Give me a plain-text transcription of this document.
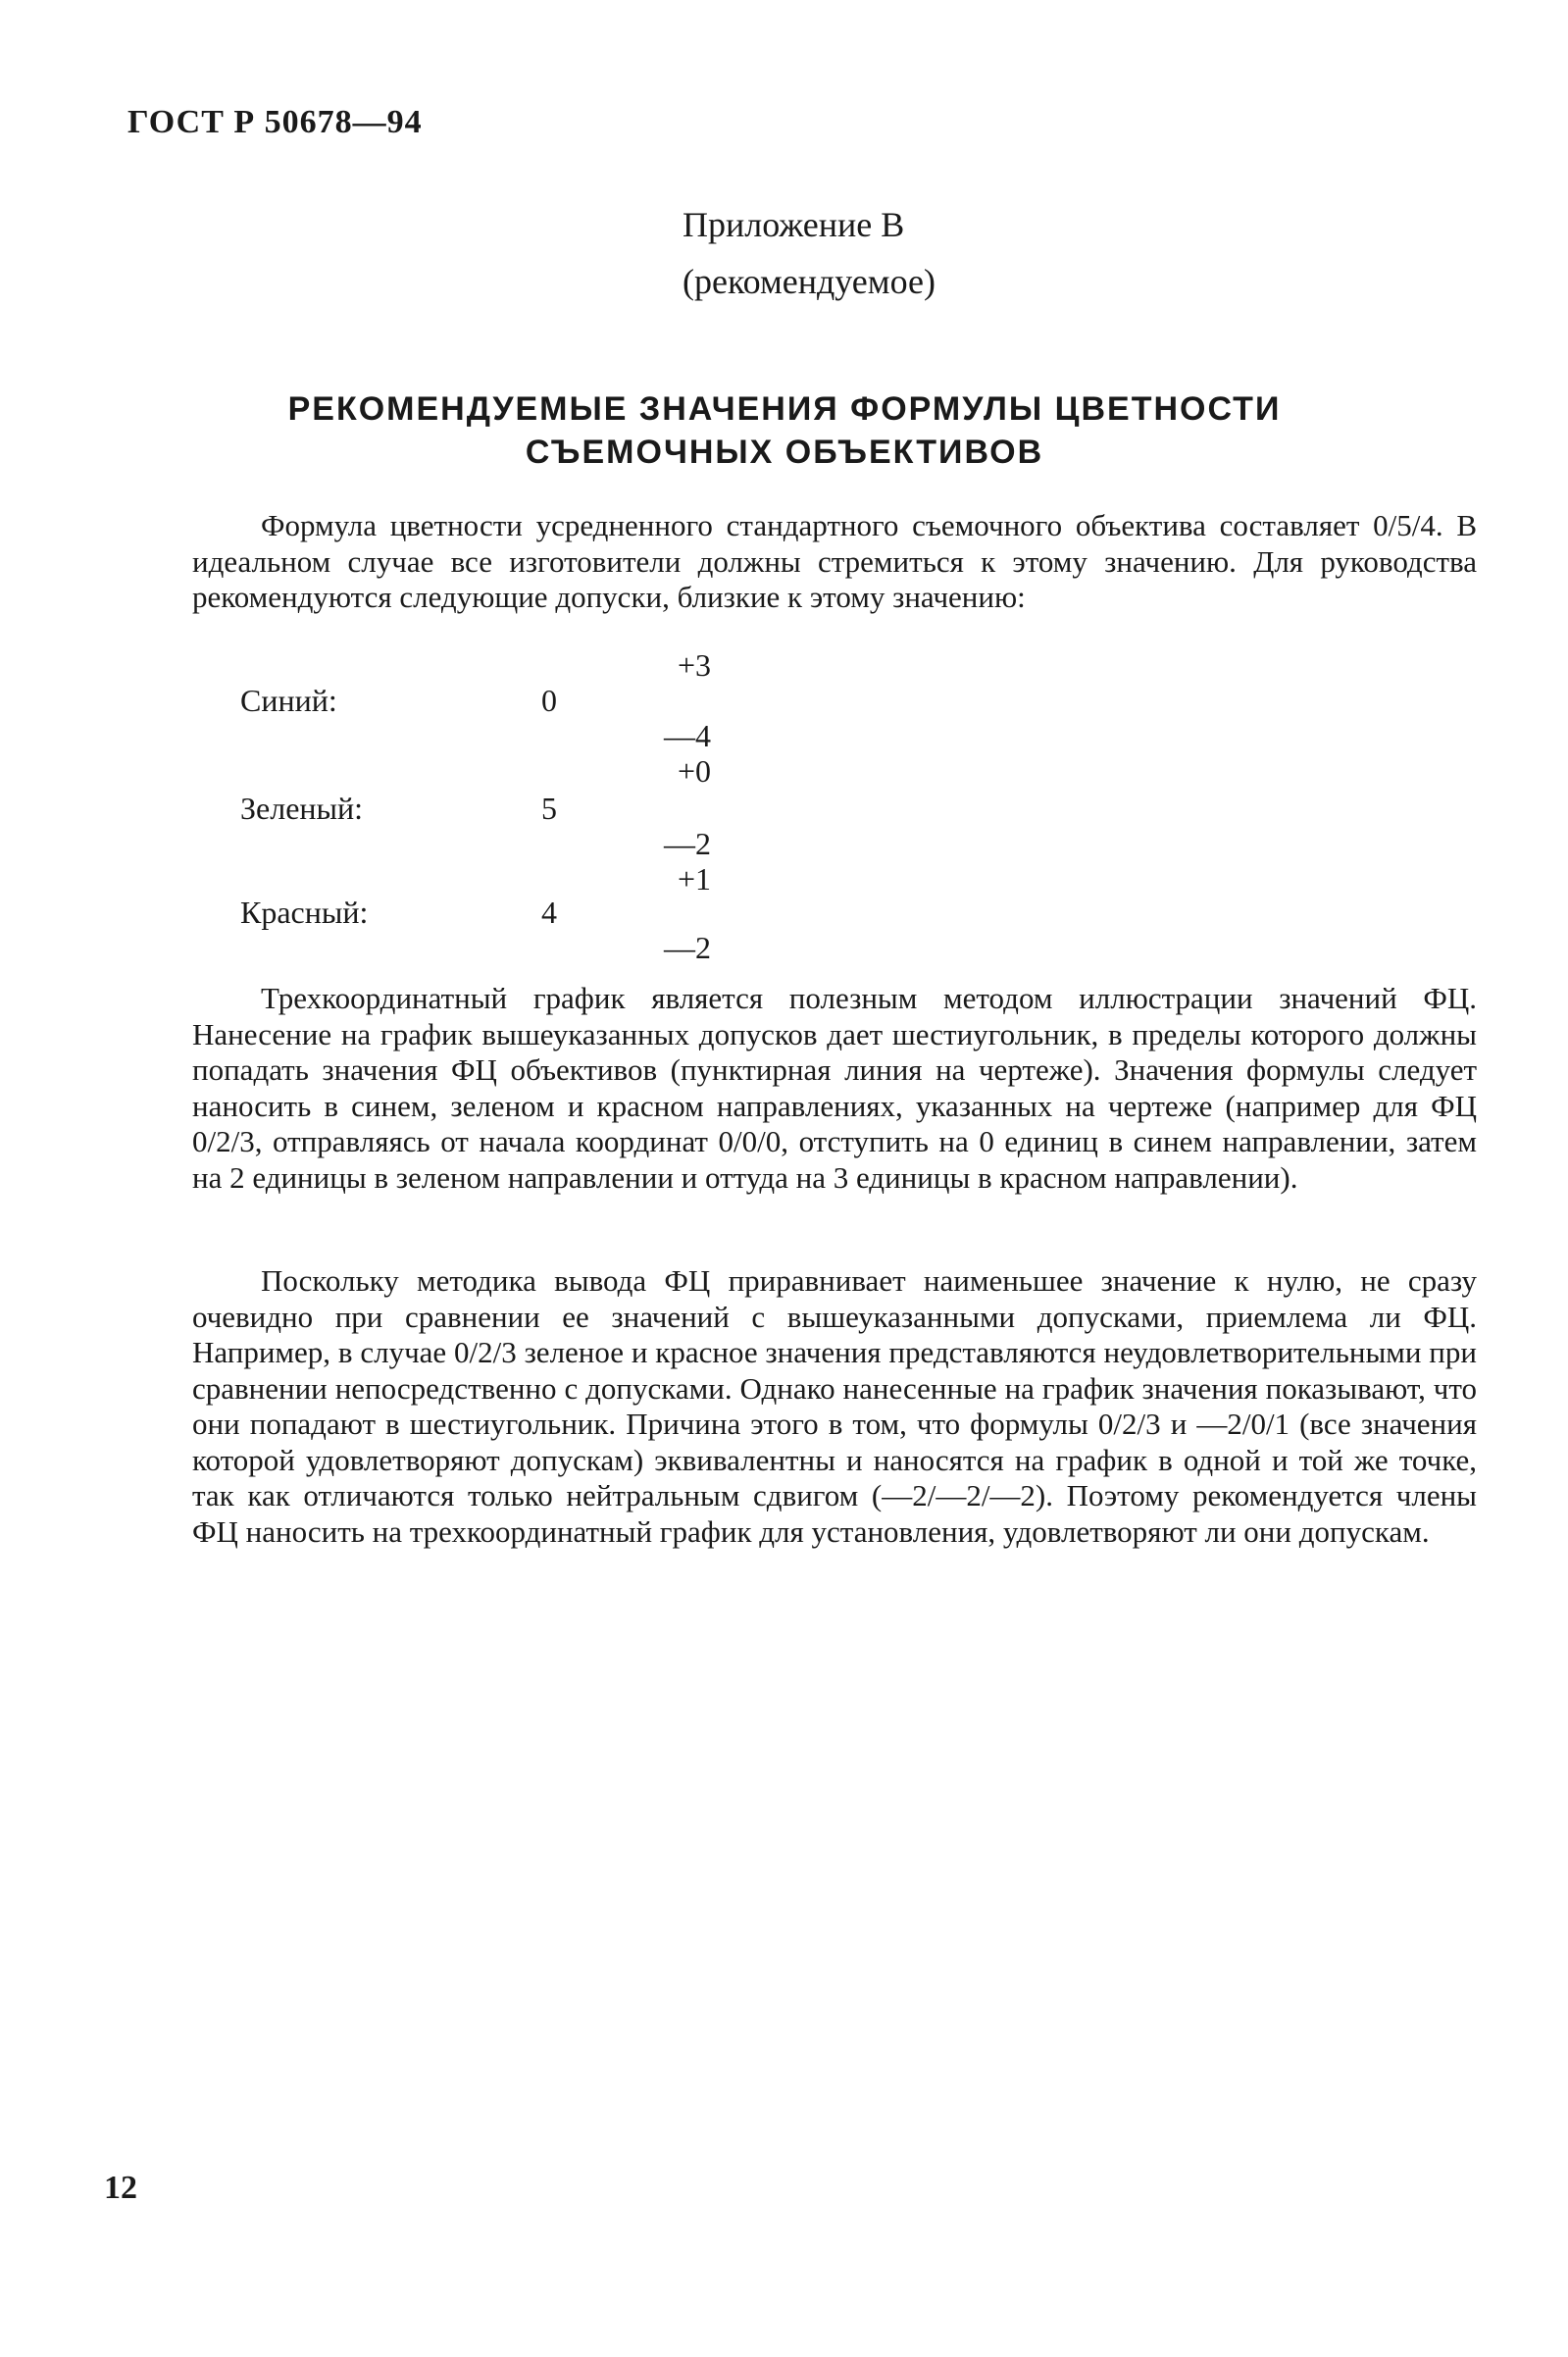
ГОСТ Р 50678—94
Приложение В
(рекомендуемое)
РЕКОМЕНДУЕМЫЕ ЗНАЧЕНИЯ ФОРМУЛЫ ЦВЕТНОСТИ
СЪЕМОЧНЫХ ОБЪЕКТИВОВ

Формула цветности усредненного стандартного съемочного объектива составляет 0/5/4. В идеальном случае все изготовители должны стремиться к этому значению. Для руководства рекомендуются следующие допуски, близкие к этому значению:

+3
Синий:	0
—4
+0
Зеленый:	5
—2
+1
Красный:	4
—2

Трехкоординатный график является полезным методом иллюстрации значений ФЦ. Нанесение на график вышеуказанных допусков дает шестиугольник, в пределы которого должны попадать значения ФЦ объективов (пунктирная линия на чертеже). Значения формулы следует наносить в синем, зеленом и красном направлениях, указанных на чертеже (например для ФЦ 0/2/3, отправляясь от начала координат 0/0/0, отступить на 0 единиц в синем направлении, затем на 2 единицы в зеленом направлении и оттуда на 3 единицы в красном направлении).

Поскольку методика вывода ФЦ приравнивает наименьшее значение к нулю, не сразу очевидно при сравнении ее значений с вышеуказанными допусками, приемлема ли ФЦ. Например, в случае 0/2/3 зеленое и красное значения представляются неудовлетворительными при сравнении непосредственно с допусками. Однако нанесенные на график значения показывают, что они попадают в шестиугольник. Причина этого в том, что формулы 0/2/3 и —2/0/1 (все значения которой удовлетворяют допускам) эквивалентны и наносятся на график в одной и той же точке, так как отличаются только нейтральным сдвигом (—2/—2/—2). Поэтому рекомендуется члены ФЦ наносить на трехкоординатный график для установления, удовлетворяют ли они допускам.

12
